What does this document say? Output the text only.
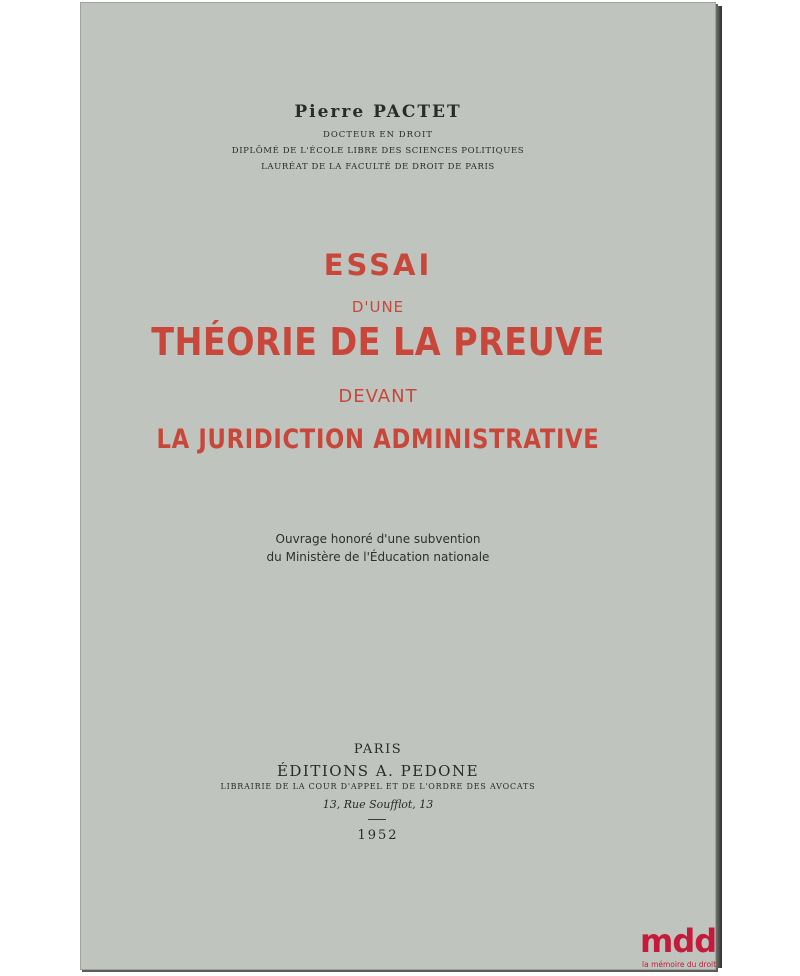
Pierre PACTET
DOCTEUR EN DROIT
DIPLÔMÉ DE L'ÉCOLE LIBRE DES SCIENCES POLITIQUES
LAURÉAT DE LA FACULTÉ DE DROIT DE PARIS
ESSAI
D'UNE
THÉORIE DE LA PREUVE
DEVANT
LA JURIDICTION ADMINISTRATIVE
Ouvrage honoré d'une subvention
du Ministère de l'Éducation nationale
PARIS
ÉDITIONS A. PEDONE
LIBRAIRIE DE LA COUR D'APPEL ET DE L'ORDRE DES AVOCATS
13, Rue Soufflot, 13
1952
mdd
la mémoire du droit
